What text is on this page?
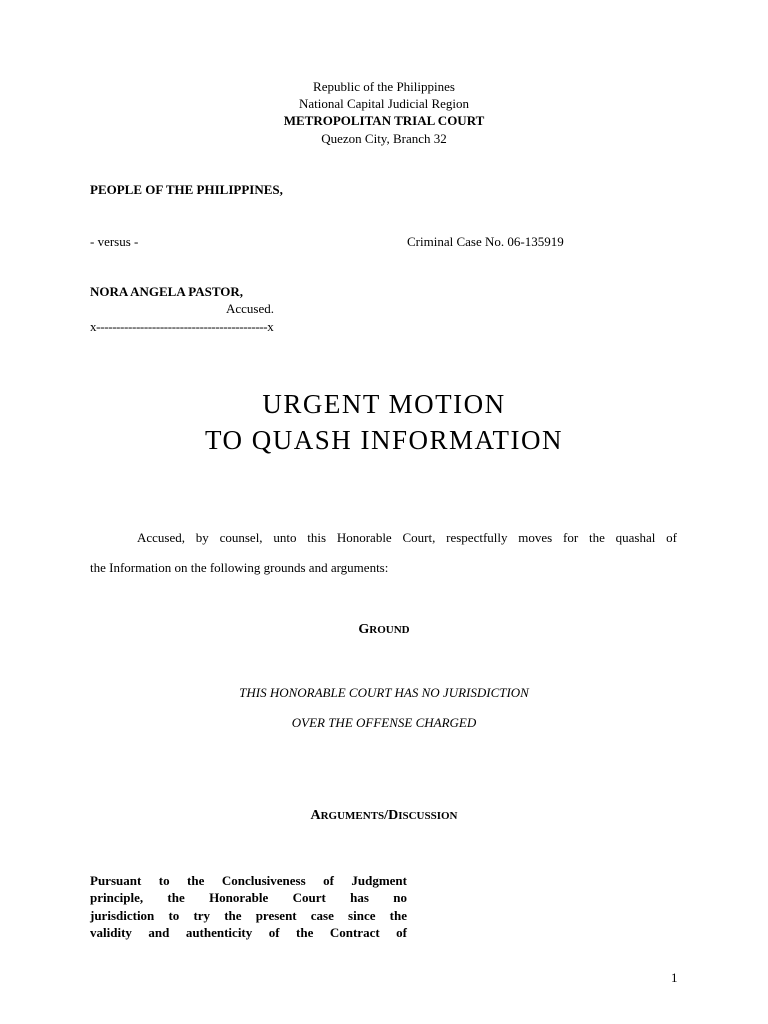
Republic of the Philippines
National Capital Judicial Region
METROPOLITAN TRIAL COURT
Quezon City, Branch 32
PEOPLE OF THE PHILIPPINES,
- versus -	Criminal Case No. 06-135919
NORA ANGELA PASTOR,
Accused.
x-------------------------------------------x
URGENT MOTION
TO QUASH INFORMATION
Accused, by counsel, unto this Honorable Court, respectfully moves for the quashal of
the Information on the following grounds and arguments:
GROUND
THIS HONORABLE COURT HAS NO JURISDICTION
OVER THE OFFENSE CHARGED
ARGUMENTS/DISCUSSION
Pursuant to the Conclusiveness of Judgment
principle, the Honorable Court has no
jurisdiction to try the present case since the
validity and authenticity of the Contract of
1
